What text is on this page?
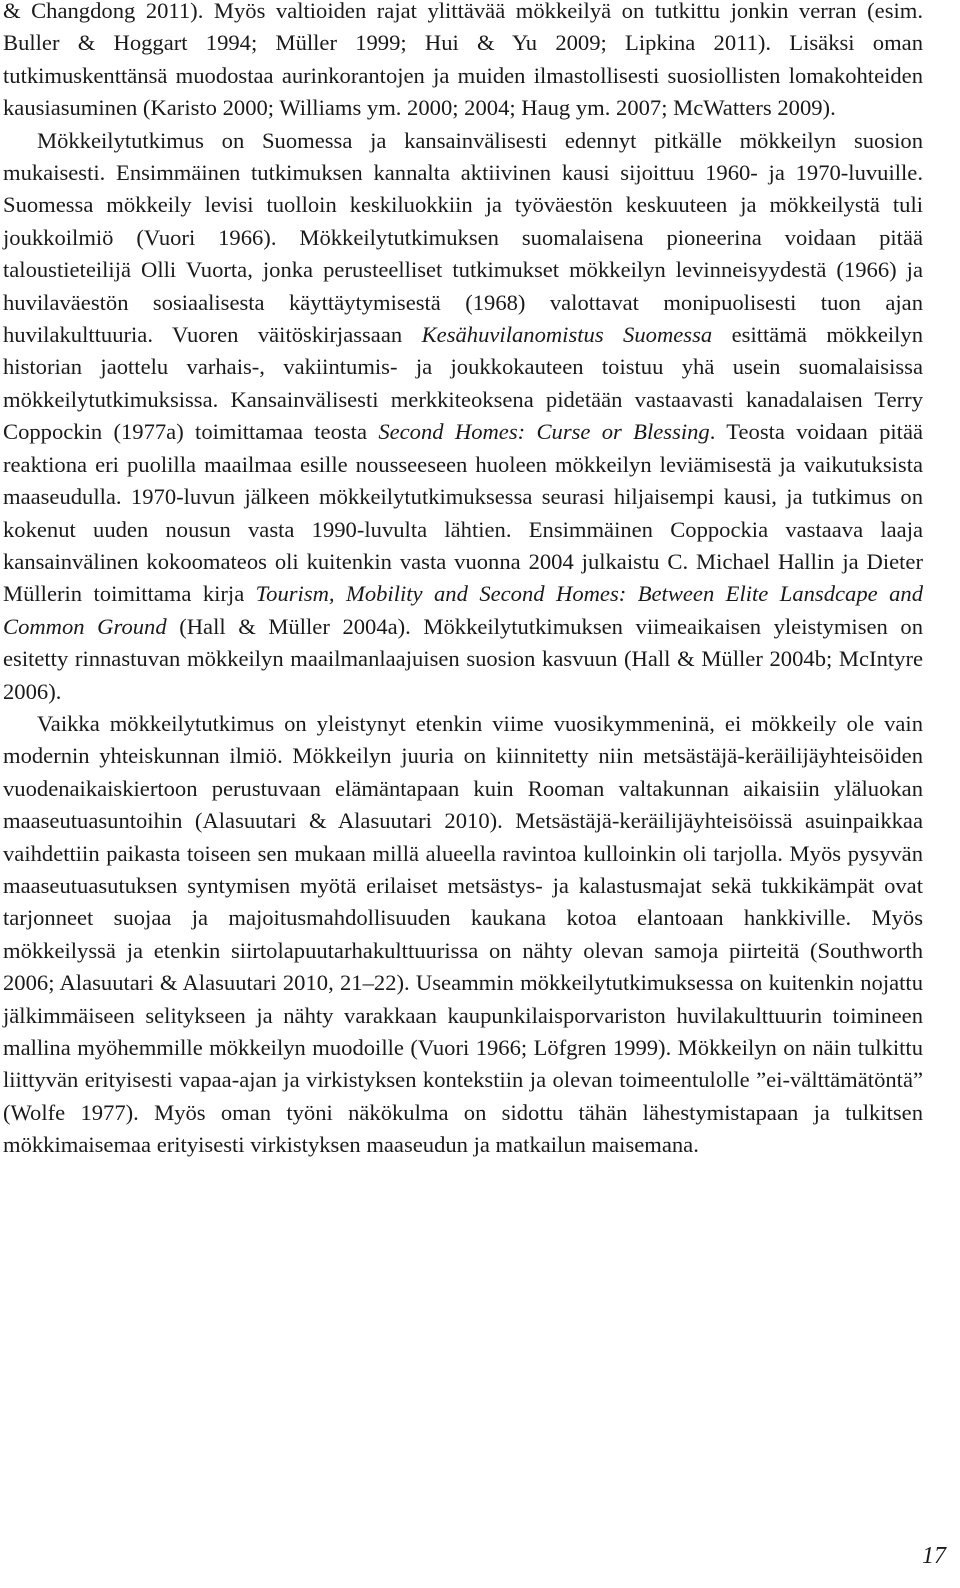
& Changdong 2011). Myös valtioiden rajat ylittävää mökkeilyä on tutkittu jonkin verran (esim. Buller & Hoggart 1994; Müller 1999; Hui & Yu 2009; Lipkina 2011). Lisäksi oman tutkimuskenttänsä muodostaa aurinkorantojen ja muiden ilmastollisesti suosiollisten lomakohteiden kausiasuminen (Karisto 2000; Williams ym. 2000; 2004; Haug ym. 2007; McWatters 2009).

Mökkeilytutkimus on Suomessa ja kansainvälisesti edennyt pitkälle mökkeilyn suosion mukaisesti. Ensimmäinen tutkimuksen kannalta aktiivinen kausi sijoittuu 1960- ja 1970-luvuille. Suomessa mökkeily levisi tuolloin keskiluokkiin ja työväestön keskuuteen ja mökkeilystä tuli joukkoilmiö (Vuori 1966). Mökkeilytutkimuksen suomalaisena pioneerina voidaan pitää taloustieteilijä Olli Vuorta, jonka perusteelliset tutkimukset mökkeilyn levinneisyydestä (1966) ja huvilaväestön sosiaalisesta käyttäytymisestä (1968) valottavat monipuolisesti tuon ajan huvilakulttuuria. Vuoren väitöskirjassaan Kesähuvilanomistus Suomessa esittämä mökkeilyn historian jaottelu varhais-, vakiintumis- ja joukkokauteen toistuu yhä usein suomalaisissa mökkeilytutkimuksissa. Kansainvälisesti merkkiteoksena pidetään vastaavasti kanadalaisen Terry Coppockin (1977a) toimittamaa teosta Second Homes: Curse or Blessing. Teosta voidaan pitää reaktiona eri puolilla maailmaa esille nousseeseen huoleen mökkeilyn leviämisestä ja vaikutuksista maaseudulla. 1970-luvun jälkeen mökkeilytutkimuksessa seurasi hiljaisempi kausi, ja tutkimus on kokenut uuden nousun vasta 1990-luvulta lähtien. Ensimmäinen Coppockia vastaava laaja kansainvälinen kokoomateos oli kuitenkin vasta vuonna 2004 julkaistu C. Michael Hallin ja Dieter Müllerin toimittama kirja Tourism, Mobility and Second Homes: Between Elite Lansdcape and Common Ground (Hall & Müller 2004a). Mökkeilytutkimuksen viimeaikaisen yleistymisen on esitetty rinnastuvan mökkeilyn maailmanlaajuisen suosion kasvuun (Hall & Müller 2004b; McIntyre 2006).

Vaikka mökkeilytutkimus on yleistynyt etenkin viime vuosikymmeninä, ei mökkeily ole vain modernin yhteiskunnan ilmiö. Mökkeilyn juuria on kiinnitetty niin metsästäjä-keräilijäyhteisöiden vuodenaikaiskiertoon perustuvaan elämäntapaan kuin Rooman valtakunnan aikaisiin yläluokan maaseutuasuntoihin (Alasuutari & Alasuutari 2010). Metsästäjä-keräilijäyhteisöissä asuinpaikkaa vaihdettiin paikasta toiseen sen mukaan millä alueella ravintoa kulloinkin oli tarjolla. Myös pysyvän maaseutuasutuksen syntymisen myötä erilaiset metsästys- ja kalastusmajat sekä tukkikämpät ovat tarjonneet suojaa ja majoitusmahdollisuuden kaukana kotoa elantoaan hankkiville. Myös mökkeilyssä ja etenkin siirtolapuutarhakulttuurissa on nähty olevan samoja piirteitä (Southworth 2006; Alasuutari & Alasuutari 2010, 21–22). Useammin mökkeilytutkimuksessa on kuitenkin nojattu jälkimmäiseen selitykseen ja nähty varakkaan kaupunkilaisporvariston huvilakulttuurin toimineen mallina myöhemmille mökkeilyn muodoille (Vuori 1966; Löfgren 1999). Mökkeilyn on näin tulkittu liittyvän erityisesti vapaa-ajan ja virkistyksen kontekstiin ja olevan toimeentulolle ”ei-välttämätöntä” (Wolfe 1977). Myös oman työni näkökulma on sidottu tähän lähestymistapaan ja tulkitsen mökkimaisemaa erityisesti virkistyksen maaseudun ja matkailun maisemana.

17
